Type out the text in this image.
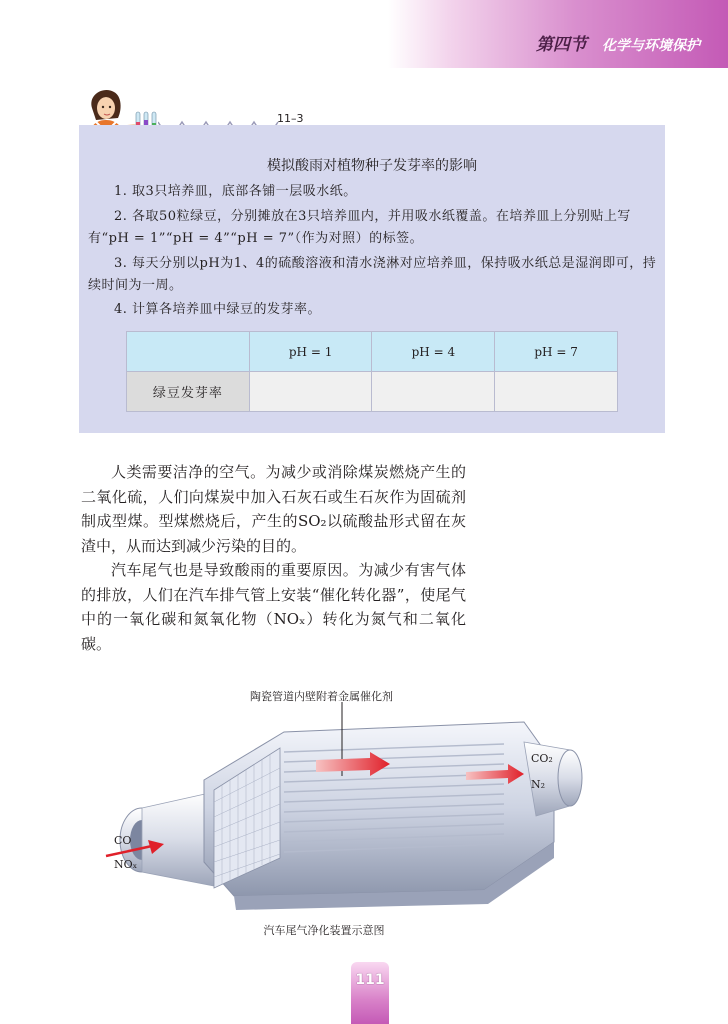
第四节 化学与环境保护
11–3
模拟酸雨对植物种子发芽率的影响
1. 取3只培养皿，底部各铺一层吸水纸。
2. 各取50粒绿豆，分别摊放在3只培养皿内，并用吸水纸覆盖。在培养皿上分别贴上写有“pH = 1”“pH = 4”“pH = 7”（作为对照）的标签。
3. 每天分别以pH为1、4的硫酸溶液和清水浇淋对应培养皿，保持吸水纸总是湿润即可，持续时间为一周。
4. 计算各培养皿中绿豆的发芽率。
	pH = 1	pH = 4	pH = 7
绿豆发芽率			

人类需要洁净的空气。为减少或消除煤炭燃烧产生的二氧化硫，人们向煤炭中加入石灰石或生石灰作为固硫剂制成型煤。型煤燃烧后，产生的SO₂以硫酸盐形式留在灰渣中，从而达到减少污染的目的。

汽车尾气也是导致酸雨的重要原因。为减少有害气体的排放，人们在汽车排气管上安装“催化转化器”，使尾气中的一氧化碳和氮氧化物（NOₓ）转化为氮气和二氧化碳。

陶瓷管道内壁附着金属催化剂
CO
NOₓ
CO₂
N₂
汽车尾气净化装置示意图
111
